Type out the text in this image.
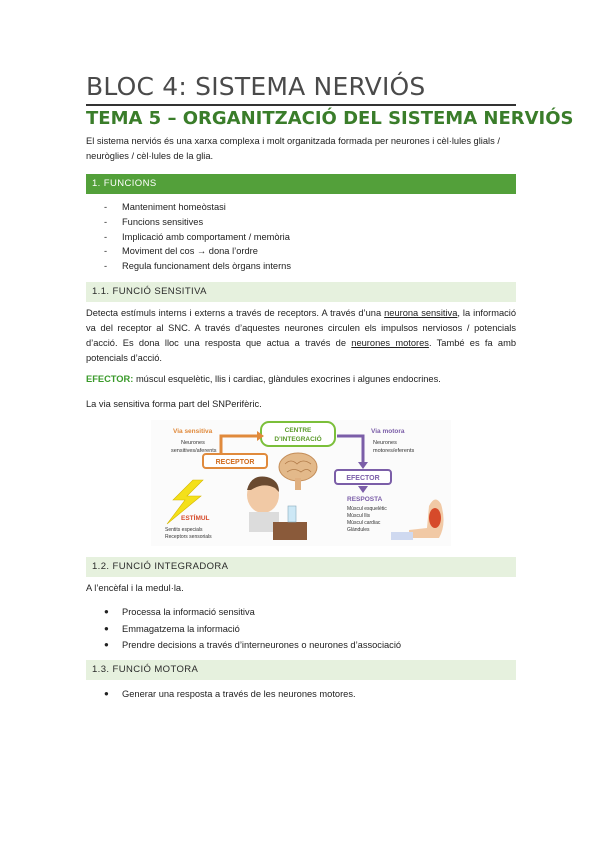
BLOC 4: SISTEMA NERVIÓS
TEMA 5 – ORGANITZACIÓ DEL SISTEMA NERVIÓS
El sistema nerviós és una xarxa complexa i molt organitzada formada per neurones i cèl·lules glials / neuròglies / cèl·lules de la glia.
1. FUNCIONS
- Manteniment homeòstasi
- Funcions sensitives
- Implicació amb comportament / memòria
- Moviment del cos → dona l’ordre
- Regula funcionament dels òrgans interns
1.1. FUNCIÓ SENSITIVA
Detecta estímuls interns i externs a través de receptors. A través d’una neurona sensitiva, la informació va del receptor al SNC. A través d’aquestes neurones circulen els impulsos nerviosos / potencials d’acció. Es dona lloc una resposta que actua a través de neurones motores. També es fa amb potencials d’acció.
EFECTOR: múscul esquelètic, llis i cardiac, glàndules exocrines i algunes endocrines.
La via sensitiva forma part del SNPerifèric.
Via sensitiva
Neurones
sensitives/aferents
CENTRE
D’INTEGRACIÓ
Via motora
Neurones
motores/eferents
RECEPTOR
EFECTOR
ESTÍMUL
Sentits especials
Receptors sensorials
RESPOSTA
Múscul esquelètic
Múscul llis
Múscul cardiac
Glàndules
1.2. FUNCIÓ INTEGRADORA
A l’encèfal i la medul·la.
● Processa la informació sensitiva
● Emmagatzema la informació
● Prendre decisions a través d’interneurones o neurones d’associació
1.3. FUNCIÓ MOTORA
● Generar una resposta a través de les neurones motores.
